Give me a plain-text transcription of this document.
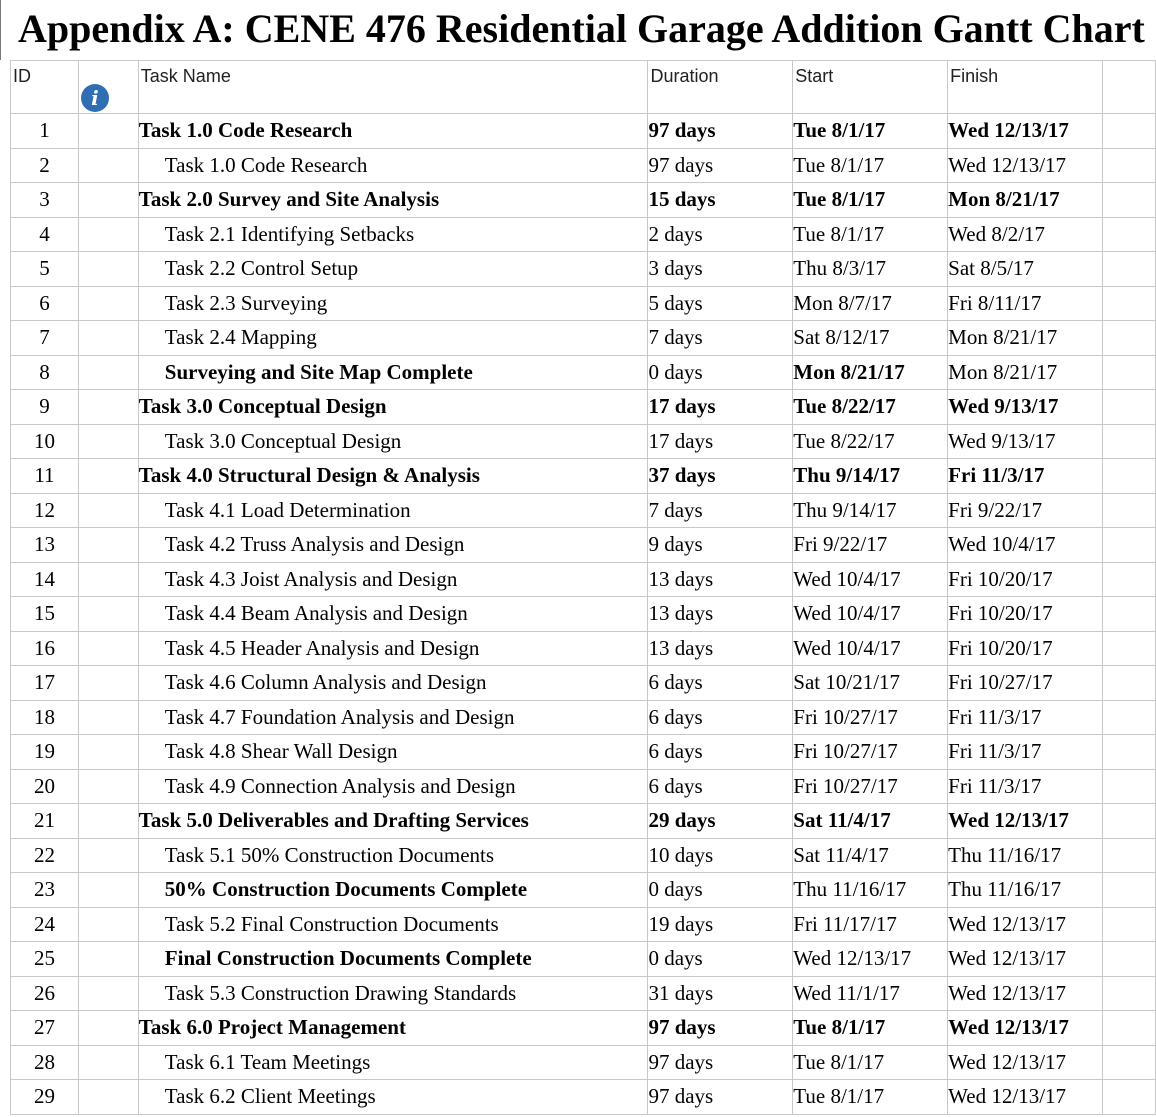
Appendix A: CENE 476 Residential Garage Addition Gantt Chart
ID	i	Task Name	Duration	Start	Finish	
1		Task 1.0 Code Research	97 days	Tue 8/1/17	Wed 12/13/17	
2		Task 1.0 Code Research	97 days	Tue 8/1/17	Wed 12/13/17	
3		Task 2.0 Survey and Site Analysis	15 days	Tue 8/1/17	Mon 8/21/17	
4		Task 2.1 Identifying Setbacks	2 days	Tue 8/1/17	Wed 8/2/17	
5		Task 2.2 Control Setup	3 days	Thu 8/3/17	Sat 8/5/17	
6		Task 2.3 Surveying	5 days	Mon 8/7/17	Fri 8/11/17	
7		Task 2.4 Mapping	7 days	Sat 8/12/17	Mon 8/21/17	
8		Surveying and Site Map Complete	0 days	Mon 8/21/17	Mon 8/21/17	
9		Task 3.0 Conceptual Design	17 days	Tue 8/22/17	Wed 9/13/17	
10		Task 3.0 Conceptual Design	17 days	Tue 8/22/17	Wed 9/13/17	
11		Task 4.0 Structural Design & Analysis	37 days	Thu 9/14/17	Fri 11/3/17	
12		Task 4.1 Load Determination	7 days	Thu 9/14/17	Fri 9/22/17	
13		Task 4.2 Truss Analysis and Design	9 days	Fri 9/22/17	Wed 10/4/17	
14		Task 4.3 Joist Analysis and Design	13 days	Wed 10/4/17	Fri 10/20/17	
15		Task 4.4 Beam Analysis and Design	13 days	Wed 10/4/17	Fri 10/20/17	
16		Task 4.5 Header Analysis and Design	13 days	Wed 10/4/17	Fri 10/20/17	
17		Task 4.6 Column Analysis and Design	6 days	Sat 10/21/17	Fri 10/27/17	
18		Task 4.7 Foundation Analysis and Design	6 days	Fri 10/27/17	Fri 11/3/17	
19		Task 4.8 Shear Wall Design	6 days	Fri 10/27/17	Fri 11/3/17	
20		Task 4.9 Connection Analysis and Design	6 days	Fri 10/27/17	Fri 11/3/17	
21		Task 5.0 Deliverables and Drafting Services	29 days	Sat 11/4/17	Wed 12/13/17	
22		Task 5.1 50% Construction Documents	10 days	Sat 11/4/17	Thu 11/16/17	
23		50% Construction Documents Complete	0 days	Thu 11/16/17	Thu 11/16/17	
24		Task 5.2 Final Construction Documents	19 days	Fri 11/17/17	Wed 12/13/17	
25		Final Construction Documents Complete	0 days	Wed 12/13/17	Wed 12/13/17	
26		Task 5.3 Construction Drawing Standards	31 days	Wed 11/1/17	Wed 12/13/17	
27		Task 6.0 Project Management	97 days	Tue 8/1/17	Wed 12/13/17	
28		Task 6.1 Team Meetings	97 days	Tue 8/1/17	Wed 12/13/17	
29		Task 6.2 Client Meetings	97 days	Tue 8/1/17	Wed 12/13/17	
